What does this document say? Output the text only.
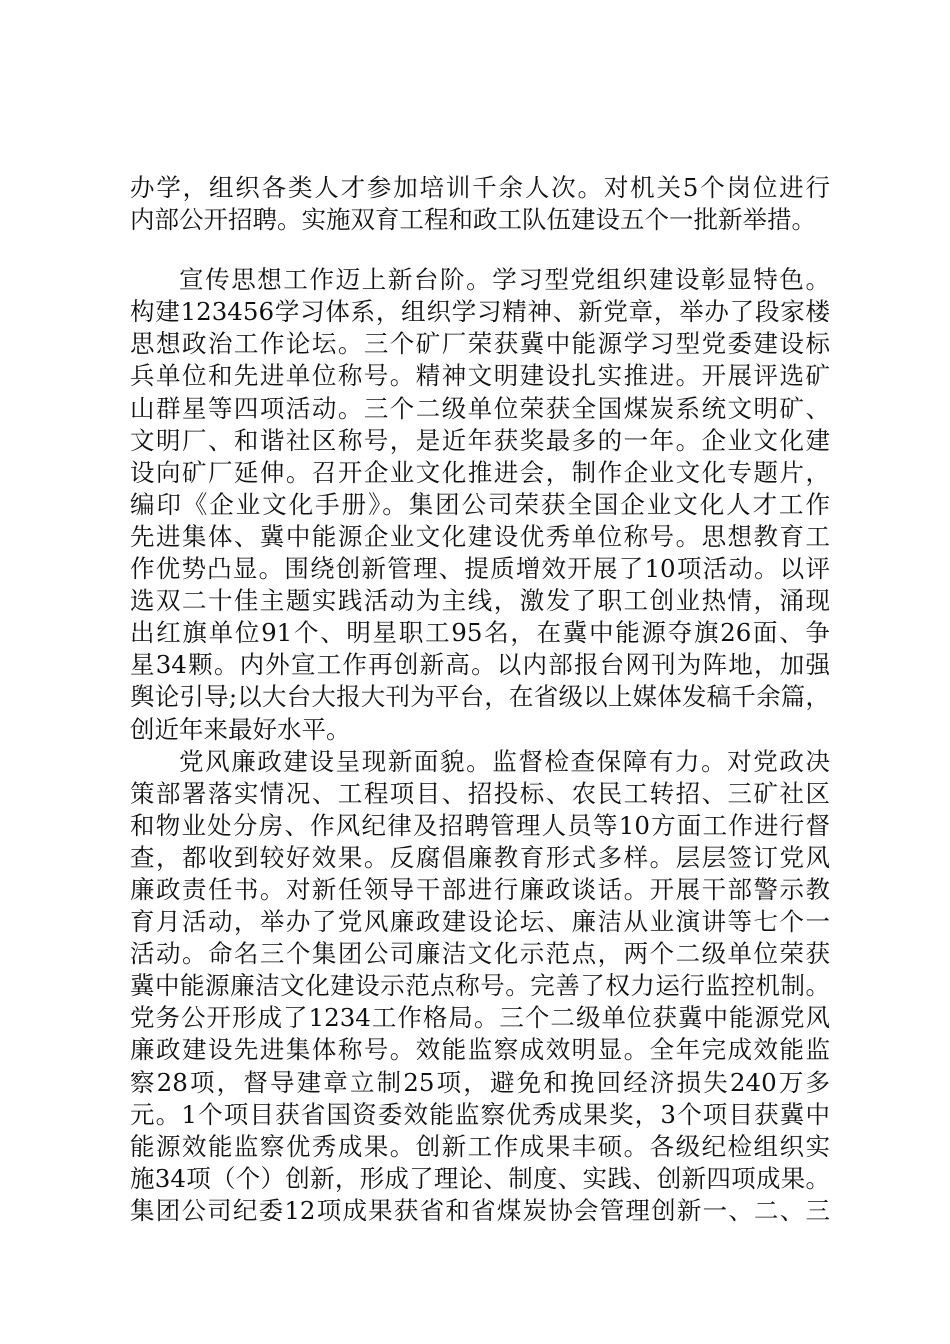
办学，组织各类人才参加培训千余人次。对机关5个岗位进行
内部公开招聘。实施双育工程和政工队伍建设五个一批新举措。
宣传思想工作迈上新台阶。学习型党组织建设彰显特色。
构建123456学习体系，组织学习精神、新党章，举办了段家楼
思想政治工作论坛。三个矿厂荣获冀中能源学习型党委建设标
兵单位和先进单位称号。精神文明建设扎实推进。开展评选矿
山群星等四项活动。三个二级单位荣获全国煤炭系统文明矿、
文明厂、和谐社区称号，是近年获奖最多的一年。企业文化建
设向矿厂延伸。召开企业文化推进会，制作企业文化专题片，
编印《企业文化手册》。集团公司荣获全国企业文化人才工作
先进集体、冀中能源企业文化建设优秀单位称号。思想教育工
作优势凸显。围绕创新管理、提质增效开展了10项活动。以评
选双二十佳主题实践活动为主线，激发了职工创业热情，涌现
出红旗单位91个、明星职工95名，在冀中能源夺旗26面、争
星34颗。内外宣工作再创新高。以内部报台网刊为阵地，加强
舆论引导;以大台大报大刊为平台，在省级以上媒体发稿千余篇，
创近年来最好水平。
党风廉政建设呈现新面貌。监督检查保障有力。对党政决
策部署落实情况、工程项目、招投标、农民工转招、三矿社区
和物业处分房、作风纪律及招聘管理人员等10方面工作进行督
查，都收到较好效果。反腐倡廉教育形式多样。层层签订党风
廉政责任书。对新任领导干部进行廉政谈话。开展干部警示教
育月活动，举办了党风廉政建设论坛、廉洁从业演讲等七个一
活动。命名三个集团公司廉洁文化示范点，两个二级单位荣获
冀中能源廉洁文化建设示范点称号。完善了权力运行监控机制。
党务公开形成了1234工作格局。三个二级单位获冀中能源党风
廉政建设先进集体称号。效能监察成效明显。全年完成效能监
察28项，督导建章立制25项，避免和挽回经济损失240万多
元。1个项目获省国资委效能监察优秀成果奖，3个项目获冀中
能源效能监察优秀成果。创新工作成果丰硕。各级纪检组织实
施34项（个）创新，形成了理论、制度、实践、创新四项成果。
集团公司纪委12项成果获省和省煤炭协会管理创新一、二、三
